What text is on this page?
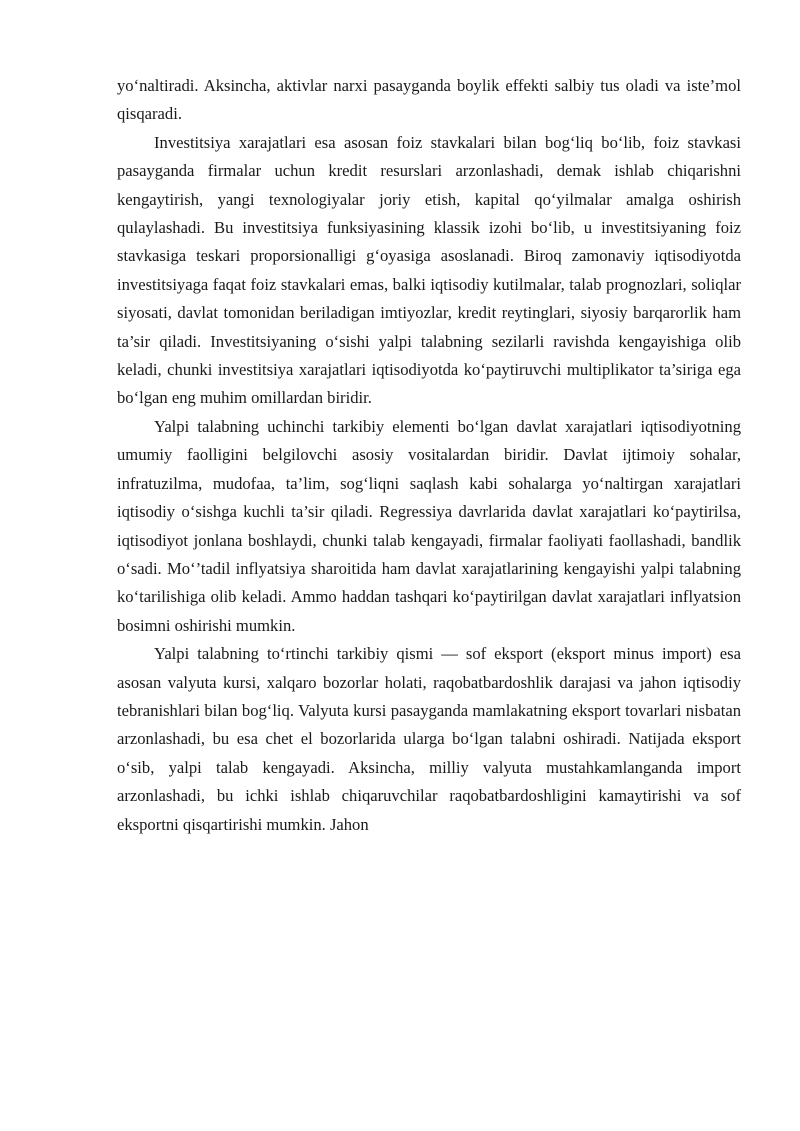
yo‘naltiradi. Aksincha, aktivlar narxi pasayganda boylik effekti salbiy tus oladi va iste’mol qisqaradi.

Investitsiya xarajatlari esa asosan foiz stavkalari bilan bog‘liq bo‘lib, foiz stavkasi pasayganda firmalar uchun kredit resurslari arzonlashadi, demak ishlab chiqarishni kengaytirish, yangi texnologiyalar joriy etish, kapital qo‘yilmalar amalga oshirish qulaylashadi. Bu investitsiya funksiyasining klassik izohi bo‘lib, u investitsiyaning foiz stavkasiga teskari proporsionalligi g‘oyasiga asoslanadi. Biroq zamonaviy iqtisodiyotda investitsiyaga faqat foiz stavkalari emas, balki iqtisodiy kutilmalar, talab prognozlari, soliqlar siyosati, davlat tomonidan beriladigan imtiyozlar, kredit reytinglari, siyosiy barqarorlik ham ta’sir qiladi. Investitsiyaning o‘sishi yalpi talabning sezilarli ravishda kengayishiga olib keladi, chunki investitsiya xarajatlari iqtisodiyotda ko‘paytiruvchi multiplikator ta’siriga ega bo‘lgan eng muhim omillardan biridir.

Yalpi talabning uchinchi tarkibiy elementi bo‘lgan davlat xarajatlari iqtisodiyotning umumiy faolligini belgilovchi asosiy vositalardan biridir. Davlat ijtimoiy sohalar, infratuzilma, mudofaa, ta’lim, sog‘liqni saqlash kabi sohalarga yo‘naltirgan xarajatlari iqtisodiy o‘sishga kuchli ta’sir qiladi. Regressiya davrlarida davlat xarajatlari ko‘paytirilsa, iqtisodiyot jonlana boshlaydi, chunki talab kengayadi, firmalar faoliyati faollashadi, bandlik o‘sadi. Mo‘’tadil inflyatsiya sharoitida ham davlat xarajatlarining kengayishi yalpi talabning ko‘tarilishiga olib keladi. Ammo haddan tashqari ko‘paytirilgan davlat xarajatlari inflyatsion bosimni oshirishi mumkin.

Yalpi talabning to‘rtinchi tarkibiy qismi — sof eksport (eksport minus import) esa asosan valyuta kursi, xalqaro bozorlar holati, raqobatbardoshlik darajasi va jahon iqtisodiy tebranishlari bilan bog‘liq. Valyuta kursi pasayganda mamlakatning eksport tovarlari nisbatan arzonlashadi, bu esa chet el bozorlarida ularga bo‘lgan talabni oshiradi. Natijada eksport o‘sib, yalpi talab kengayadi. Aksincha, milliy valyuta mustahkamlanganda import arzonlashadi, bu ichki ishlab chiqaruvchilar raqobatbardoshligini kamaytirishi va sof eksportni qisqartirishi mumkin. Jahon
